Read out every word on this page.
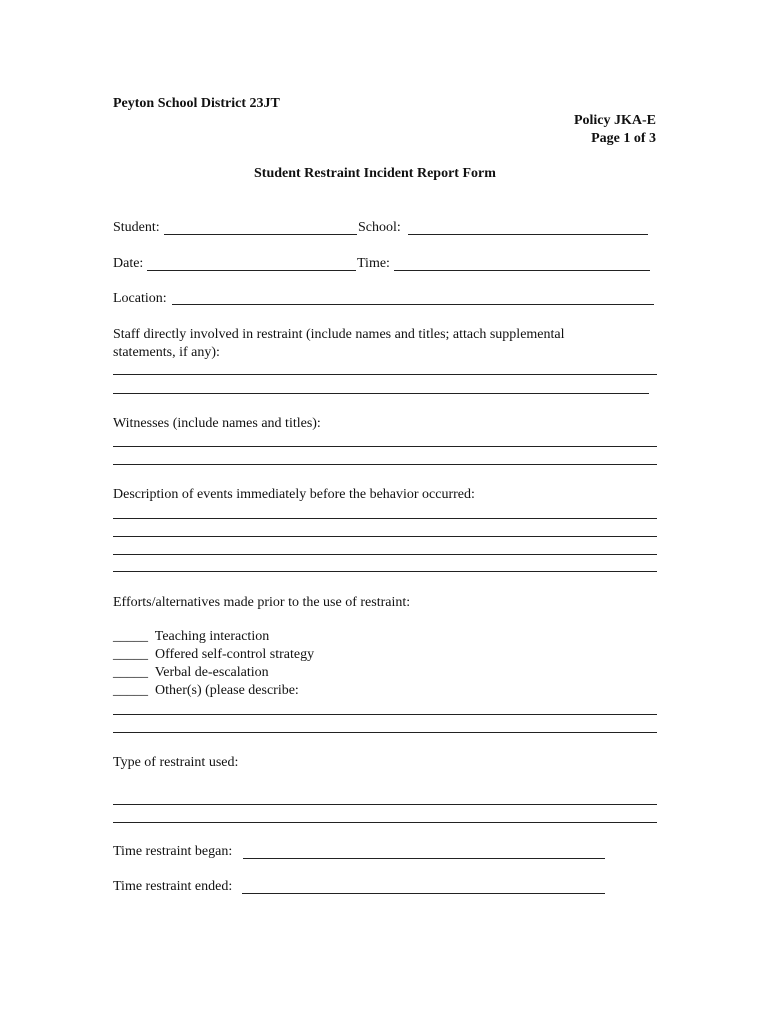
Peyton School District 23JT
Policy JKA-E
Page 1 of 3
Student Restraint Incident Report Form
Student:	School:
Date:	Time:
Location:
Staff directly involved in restraint (include names and titles; attach supplemental
statements, if any):
Witnesses (include names and titles):
Description of events immediately before the behavior occurred:
Efforts/alternatives made prior to the use of restraint:
_____  Teaching interaction
_____  Offered self-control strategy
_____  Verbal de-escalation
_____  Other(s) (please describe:
Type of restraint used:
Time restraint began:
Time restraint ended:
